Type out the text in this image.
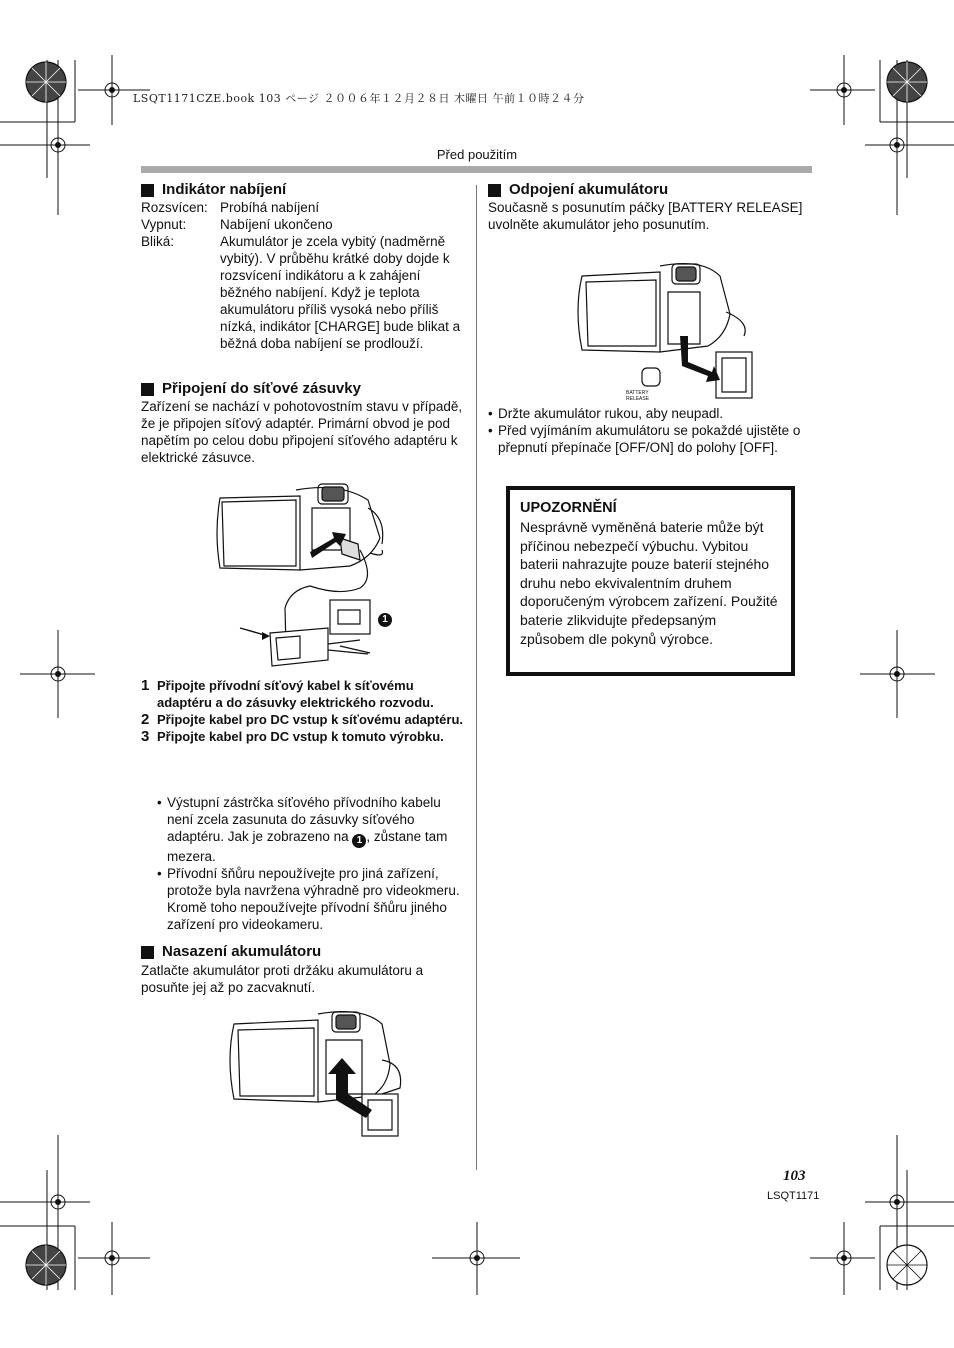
LSQT1171CZE.book 103 ページ ２００６年１２月２８日 木曜日 午前１０時２４分
Před použitím
Indikátor nabíjení
Rozsvícen: Probíhá nabíjení
Vypnut:	Nabíjení ukončeno
Bliká:	Akumulátor je zcela vybitý (nadměrně vybitý). V průběhu krátké doby dojde k rozsvícení indikátoru a k zahájení běžného nabíjení. Když je teplota akumulátoru příliš vysoká nebo příliš nízká, indikátor [CHARGE] bude blikat a běžná doba nabíjení se prodlouží.
Připojení do síťové zásuvky
Zařízení se nachází v pohotovostním stavu v případě, že je připojen síťový adaptér. Primární obvod je pod napětím po celou dobu připojení síťového adaptéru k elektrické zásuvce.
1
1 Připojte přívodní síťový kabel k síťovému adaptéru a do zásuvky elektrického rozvodu.
2 Připojte kabel pro DC vstup k síťovému adaptéru.
3 Připojte kabel pro DC vstup k tomuto výrobku.
• Výstupní zástrčka síťového přívodního kabelu není zcela zasunuta do zásuvky síťového adaptéru. Jak je zobrazeno na 1 , zůstane tam mezera.
• Přívodní šňůru nepoužívejte pro jiná zařízení, protože byla navržena výhradně pro videokmeru. Kromě toho nepoužívejte přívodní šňůru jiného zařízení pro videokameru.
Nasazení akumulátoru
Zatlačte akumulátor proti držáku akumulátoru a posuňte jej až po zacvaknutí.
Odpojení akumulátoru
Současně s posunutím páčky [BATTERY RELEASE] uvolněte akumulátor jeho posunutím.
BATTERY RELEASE
• Držte akumulátor rukou, aby neupadl.
• Před vyjímáním akumulátoru se pokaždé ujistěte o přepnutí přepínače [OFF/ON] do polohy [OFF].
UPOZORNĚNÍ
Nesprávně vyměněná baterie může být příčinou nebezpečí výbuchu. Vybitou baterii nahrazujte pouze baterií stejného druhu nebo ekvivalentním druhem doporučeným výrobcem zařízení. Použité baterie zlikvidujte předepsaným způsobem dle pokynů výrobce.
103
LSQT1171
